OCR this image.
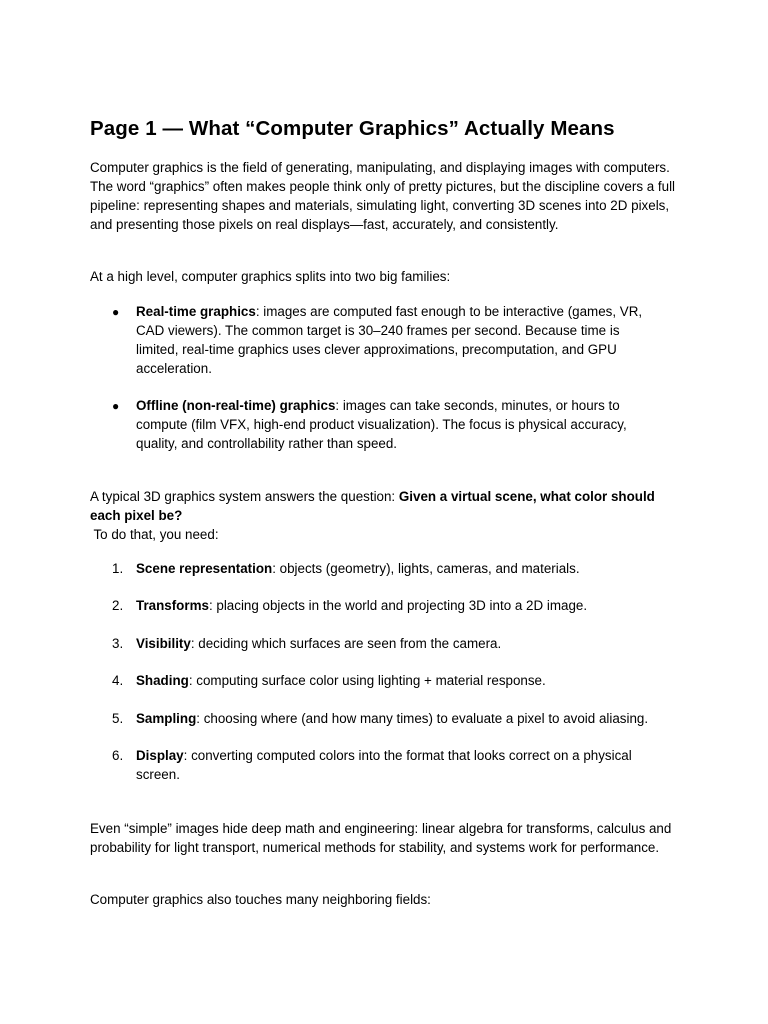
Page 1 — What “Computer Graphics” Actually Means

Computer graphics is the field of generating, manipulating, and displaying images with computers. The word “graphics” often makes people think only of pretty pictures, but the discipline covers a full pipeline: representing shapes and materials, simulating light, converting 3D scenes into 2D pixels, and presenting those pixels on real displays—fast, accurately, and consistently.

At a high level, computer graphics splits into two big families:

●	Real-time graphics: images are computed fast enough to be interactive (games, VR, CAD viewers). The common target is 30–240 frames per second. Because time is limited, real-time graphics uses clever approximations, precomputation, and GPU acceleration.
●	Offline (non-real-time) graphics: images can take seconds, minutes, or hours to compute (film VFX, high-end product visualization). The focus is physical accuracy, quality, and controllability rather than speed.

A typical 3D graphics system answers the question: Given a virtual scene, what color should each pixel be?

To do that, you need:

1. Scene representation: objects (geometry), lights, cameras, and materials.
2. Transforms: placing objects in the world and projecting 3D into a 2D image.
3. Visibility: deciding which surfaces are seen from the camera.
4. Shading: computing surface color using lighting + material response.
5. Sampling: choosing where (and how many times) to evaluate a pixel to avoid aliasing.
6. Display: converting computed colors into the format that looks correct on a physical screen.

Even “simple” images hide deep math and engineering: linear algebra for transforms, calculus and probability for light transport, numerical methods for stability, and systems work for performance.

Computer graphics also touches many neighboring fields:
